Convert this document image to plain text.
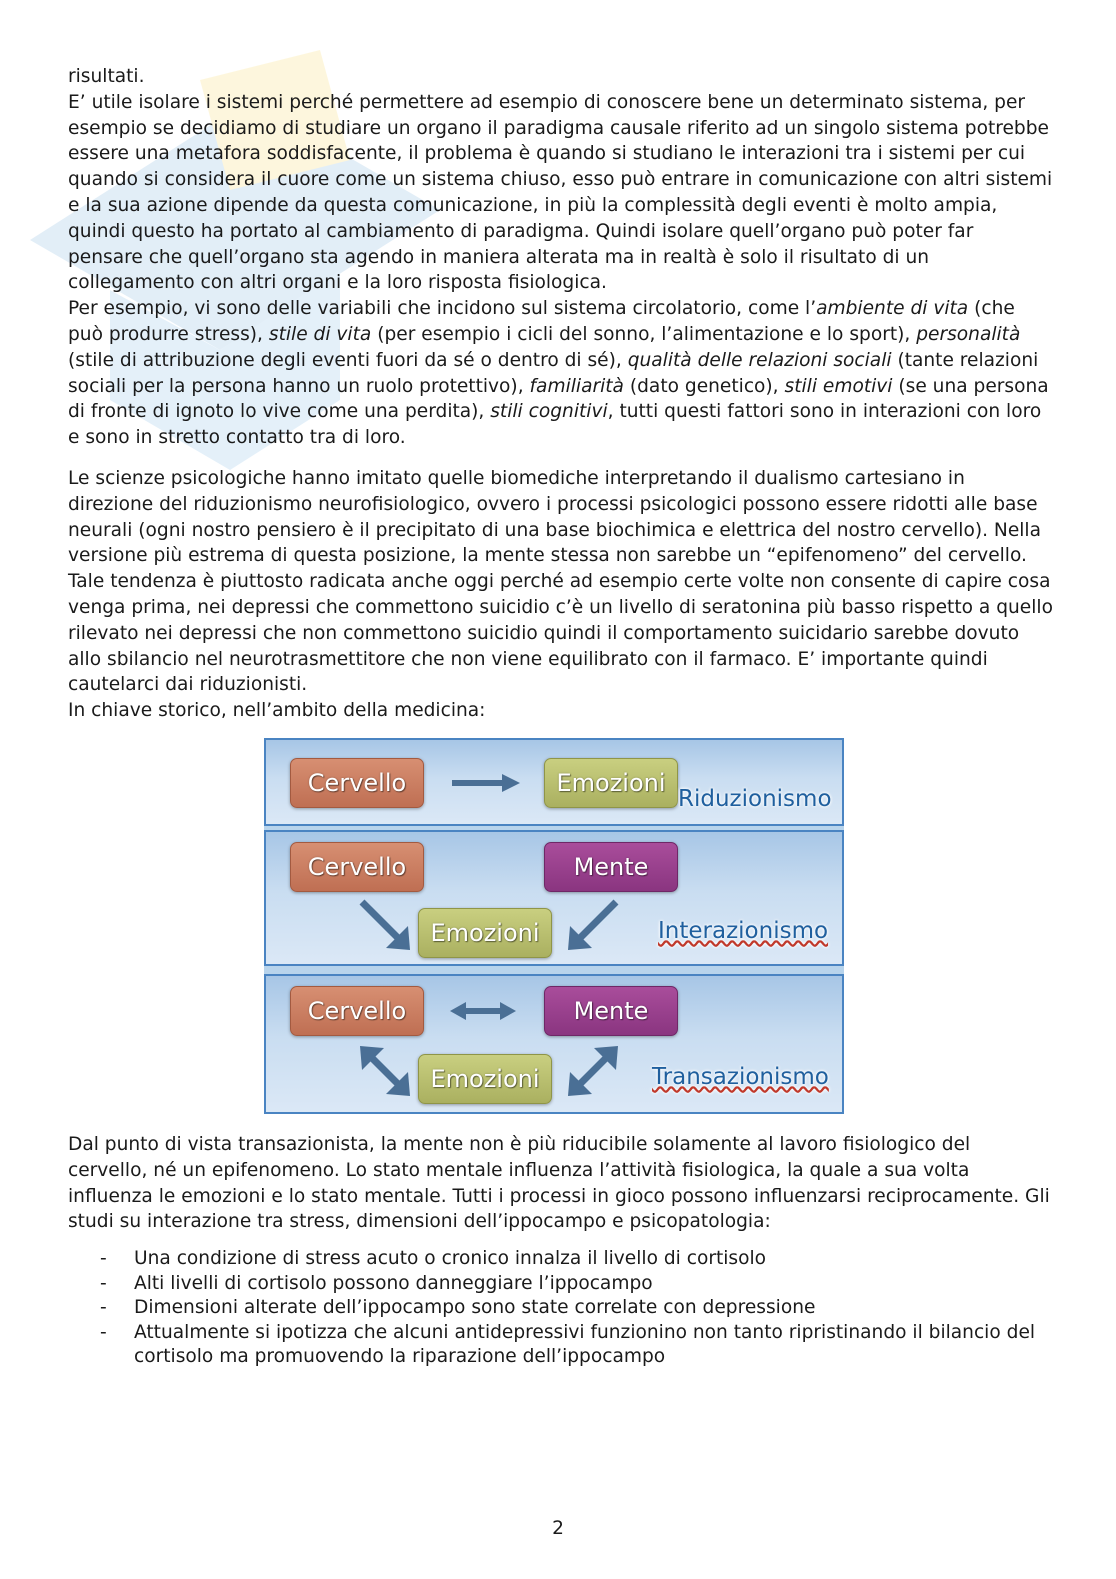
risultati.

E’ utile isolare i sistemi perché permettere ad esempio di conoscere bene un determinato sistema, per esempio se decidiamo di studiare un organo il paradigma causale riferito ad un singolo sistema potrebbe essere una metafora soddisfacente, il problema è quando si studiano le interazioni tra i sistemi per cui quando si considera il cuore come un sistema chiuso, esso può entrare in comunicazione con altri sistemi e la sua azione dipende da questa comunicazione, in più la complessità degli eventi è molto ampia, quindi questo ha portato al cambiamento di paradigma. Quindi isolare quell’organo può poter far pensare che quell’organo sta agendo in maniera alterata ma in realtà è solo il risultato di un collegamento con altri organi e la loro risposta fisiologica.

Per esempio, vi sono delle variabili che incidono sul sistema circolatorio, come l’ambiente di vita (che può produrre stress), stile di vita (per esempio i cicli del sonno, l’alimentazione e lo sport), personalità (stile di attribuzione degli eventi fuori da sé o dentro di sé), qualità delle relazioni sociali (tante relazioni sociali per la persona hanno un ruolo protettivo), familiarità (dato genetico), stili emotivi (se una persona di fronte di ignoto lo vive come una perdita), stili cognitivi, tutti questi fattori sono in interazioni con loro e sono in stretto contatto tra di loro.

Le scienze psicologiche hanno imitato quelle biomediche interpretando il dualismo cartesiano in direzione del riduzionismo neurofisiologico, ovvero i processi psicologici possono essere ridotti alle base neurali (ogni nostro pensiero è il precipitato di una base biochimica e elettrica del nostro cervello). Nella versione più estrema di questa posizione, la mente stessa non sarebbe un “epifenomeno” del cervello. Tale tendenza è piuttosto radicata anche oggi perché ad esempio certe volte non consente di capire cosa venga prima, nei depressi che commettono suicidio c’è un livello di seratonina più basso rispetto a quello rilevato nei depressi che non commettono suicidio quindi il comportamento suicidario sarebbe dovuto allo sbilancio nel neurotrasmettitore che non viene equilibrato con il farmaco. E’ importante quindi cautelarci dai riduzionisti.

In chiave storico, nell’ambito della medicina:

Cervello	Emozioni
Riduzionismo
Cervello	Mente
Emozioni	Interazionismo
Cervello	Mente
Emozioni	Transazionismo

Dal punto di vista transazionista, la mente non è più riducibile solamente al lavoro fisiologico del cervello, né un epifenomeno. Lo stato mentale influenza l’attività fisiologica, la quale a sua volta influenza le emozioni e lo stato mentale. Tutti i processi in gioco possono influenzarsi reciprocamente. Gli studi su interazione tra stress, dimensioni dell’ippocampo e psicopatologia:

- Una condizione di stress acuto o cronico innalza il livello di cortisolo
- Alti livelli di cortisolo possono danneggiare l’ippocampo
- Dimensioni alterate dell’ippocampo sono state correlate con depressione
- Attualmente si ipotizza che alcuni antidepressivi funzionino non tanto ripristinando il bilancio del cortisolo ma promuovendo la riparazione dell’ippocampo
2
